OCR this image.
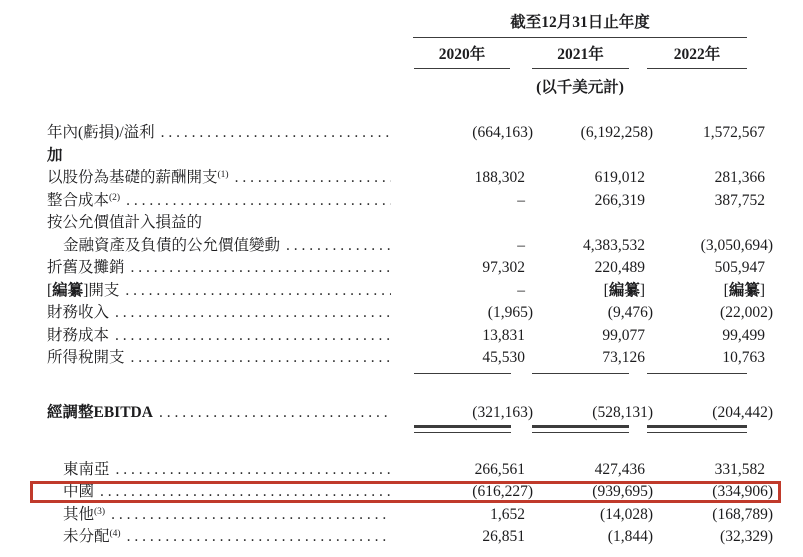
截至12月31日止年度
2020年	2021年	2022年
(以千美元計)
年內(虧損)/溢利 . . .	(664,163)	(6,192,258)	1,572,567
加
以股份為基礎的薪酬開支$^{(1)}$ . . .	188,302	619,012	281,366
整合成本$^{(2)}$ . . .	–	266,319	387,752
按公允價值計入損益的
金融資產及負債的公允價值變動 . . .	–	4,383,532	(3,050,694)
折舊及攤銷 . . .	97,302	220,489	505,947
[編纂]開支 . . .	–	[編纂]	[編纂]
財務收入 . . .	(1,965)	(9,476)	(22,002)
財務成本 . . .	13,831	99,077	99,499
所得稅開支 . . .	45,530	73,126	10,763
經調整EBITDA . . .	(321,163)	(528,131)	(204,442)
東南亞 . . .	266,561	427,436	331,582
中國 . . .	(616,227)	(939,695)	(334,906)
其他$^{(3)}$ . . .	1,652	(14,028)	(168,789)
未分配$^{(4)}$ . . .	26,851	(1,844)	(32,329)
